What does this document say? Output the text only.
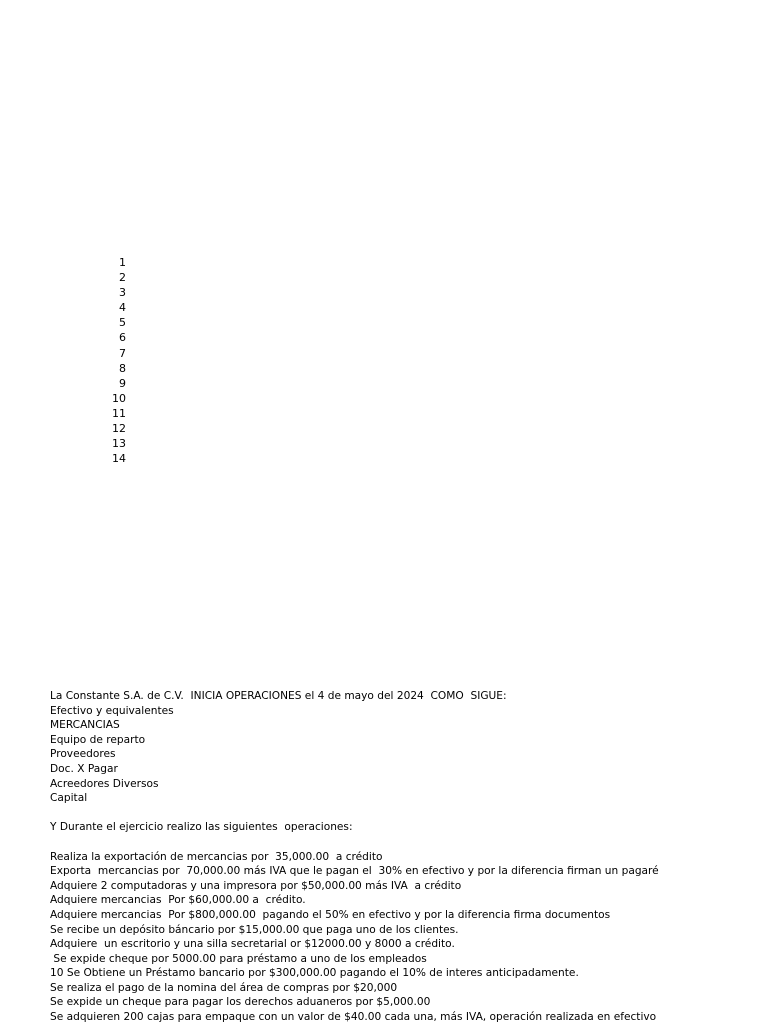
1
2
3
4
5
6
7
8
9
10
11
12
13
14
La Constante S.A. de C.V.  INICIA OPERACIONES el 4 de mayo del 2024  COMO  SIGUE:
Efectivo y equivalentes
MERCANCIAS
Equipo de reparto
Proveedores
Doc. X Pagar
Acreedores Diversos
Capital
Y Durante el ejercicio realizo las siguientes  operaciones:
Realiza la exportación de mercancias por  35,000.00  a crédito
Exporta  mercancias por  70,000.00 más IVA que le pagan el  30% en efectivo y por la diferencia firman un pagaré
Adquiere 2 computadoras y una impresora por $50,000.00 más IVA  a crédito
Adquiere mercancias  Por $60,000.00 a  crédito.
Adquiere mercancias  Por $800,000.00  pagando el 50% en efectivo y por la diferencia firma documentos
Se recibe un depósito báncario por $15,000.00 que paga uno de los clientes.
Adquiere  un escritorio y una silla secretarial or $12000.00 y 8000 a crédito.
Se expide cheque por 5000.00 para préstamo a uno de los empleados
10 Se Obtiene un Préstamo bancario por $300,000.00 pagando el 10% de interes anticipadamente.
Se realiza el pago de la nomina del área de compras por $20,000
Se expide un cheque para pagar los derechos aduaneros por $5,000.00
Se adquieren 200 cajas para empaque con un valor de $40.00 cada una, más IVA, operación realizada en efectivo
